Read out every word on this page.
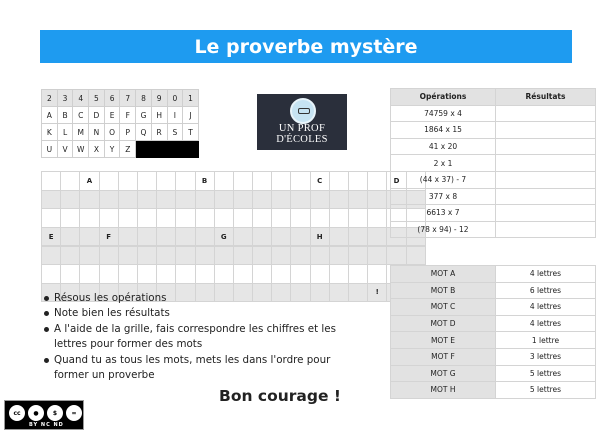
Le proverbe mystère
2	3	4	5	6	7	8	9	0	1
A	B	C	D	E	F	G	H	I	J
K	L	M	N	O	P	Q	R	S	T
U	V	W	X	Y	Z				
UN PROF D'ÉCOLES
		A						B						C				D	

E			F						G					H					

																	!		
Résous les opérations
Note bien les résultats
A l'aide de la grille, fais correspondre les chiffres et les lettres pour former des mots
Quand tu as tous les mots, mets les dans l'ordre pour former un proverbe
Bon courage !
cc	●	$	=
BY NC ND
Opérations	Résultats
74759 x 4	
1864 x 15	
41 x 20	
2 x 1	
(44 x 37) - 7	
377 x 8	
6613 x 7	
(78 x 94) - 12	
MOT A	4 lettres
MOT B	6 lettres
MOT C	4 lettres
MOT D	4 lettres
MOT E	1 lettre
MOT F	3 lettres
MOT G	5 lettres
MOT H	5 lettres
